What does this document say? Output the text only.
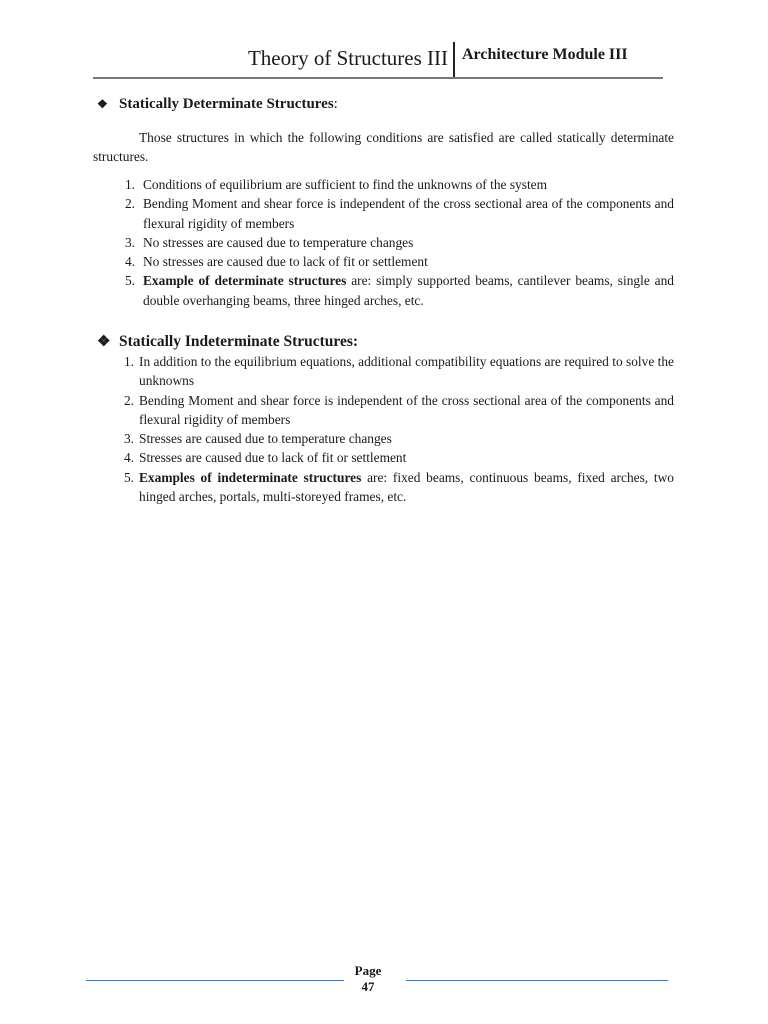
Theory of Structures III Architecture Module III
❖ Statically Determinate Structures:
Those structures in which the following conditions are satisfied are called statically determinate structures.
1. Conditions of equilibrium are sufficient to find the unknowns of the system
2. Bending Moment and shear force is independent of the cross sectional area of the components and flexural rigidity of members
3. No stresses are caused due to temperature changes
4. No stresses are caused due to lack of fit or settlement
5. Example of determinate structures are: simply supported beams, cantilever beams, single and double overhanging beams, three hinged arches, etc.
❖ Statically Indeterminate Structures:
1. In addition to the equilibrium equations, additional compatibility equations are required to solve the unknowns
2. Bending Moment and shear force is independent of the cross sectional area of the components and flexural rigidity of members
3. Stresses are caused due to temperature changes
4. Stresses are caused due to lack of fit or settlement
5. Examples of indeterminate structures are: fixed beams, continuous beams, fixed arches, two hinged arches, portals, multi-storeyed frames, etc.
Page
47
